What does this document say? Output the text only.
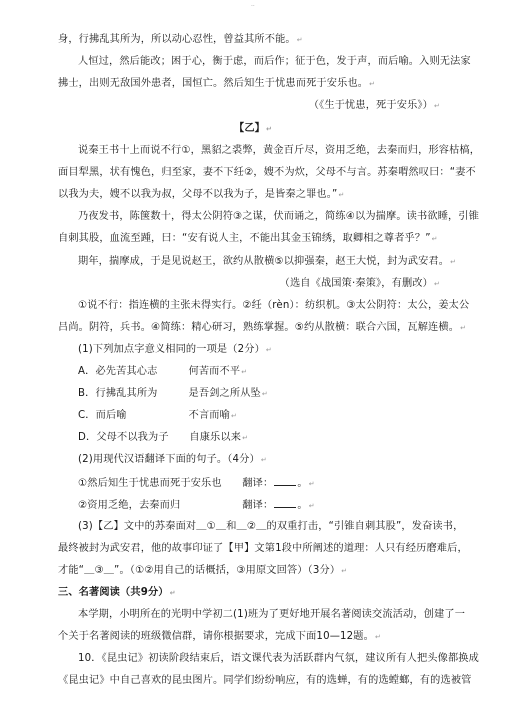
..
身，行拂乱其所为，所以动心忍性，曾益其所不能。↵
人恒过，然后能改；困于心，衡于虑，而后作；征于色，发于声，而后喻。入则无法家
拂士，出则无敌国外患者，国恒亡。然后知生于忧患而死于安乐也。↵
（《生于忧患，死于安乐》）↵
【乙】↵
说秦王书十上而说不行①，黑貂之裘弊，黄金百斤尽，资用乏绝，去秦而归，形容枯槁，
面目犁黑，状有愧色，归至家，妻不下纴②，嫂不为炊，父母不与言。苏秦喟然叹曰：“妻不
以我为夫，嫂不以我为叔，父母不以我为子，是皆秦之罪也。”↵
乃夜发书，陈箧数十，得太公阴符③之谋，伏而诵之，简练④以为揣摩。读书欲睡，引锥
自刺其股，血流至踵，曰：“安有说人主，不能出其金玉锦绣，取卿相之尊者乎？”↵
期年，揣摩成，于是见说赵王，欲约从散横⑤以抑强秦，赵王大悦，封为武安君。↵
（选自《战国策·秦策》，有删改）↵
①说不行：指连横的主张未得实行。②纴（rèn）：纺织机。③太公阴符：太公，姜太公
吕尚。阴符，兵书。④简练：精心研习，熟练掌握。⑤约从散横：联合六国，瓦解连横。↵
(1)下列加点字意义相同的一项是（2分）↵
A．必先苦其心志　　　何苦而不平↵
B．行拂乱其所为　　　是吾剑之所从坠↵
C．而后喻　　　　　　不言而喻↵
D．父母不以我为子　　自康乐以来↵
(2)用现代汉语翻译下面的句子。（4分）↵
①然后知生于忧患而死于安乐也　　翻译： 。↵
②资用乏绝，去秦而归　　　　　　翻译： 。↵
(3)【乙】文中的苏秦面对＿①＿和＿②＿的双重打击，“引锥自刺其股”，发奋读书，
最终被封为武安君，他的故事印证了【甲】文第1段中所阐述的道理：人只有经历磨难后，
才能“＿③＿”。（①②用自己的话概括，③用原文回答）（3分）↵
三、名著阅读（共9分）↵
本学期，小明所在的光明中学初二(1)班为了更好地开展名著阅读交流活动，创建了一
个关于名著阅读的班级微信群，请你根据要求，完成下面10—12题。↵
10．《昆虫记》初读阶段结束后，语文课代表为活跃群内气氛，建议所有人把头像都换成
《昆虫记》中自己喜欢的昆虫图片。同学们纷纷响应，有的选蝉，有的选螳螂，有的选被管
